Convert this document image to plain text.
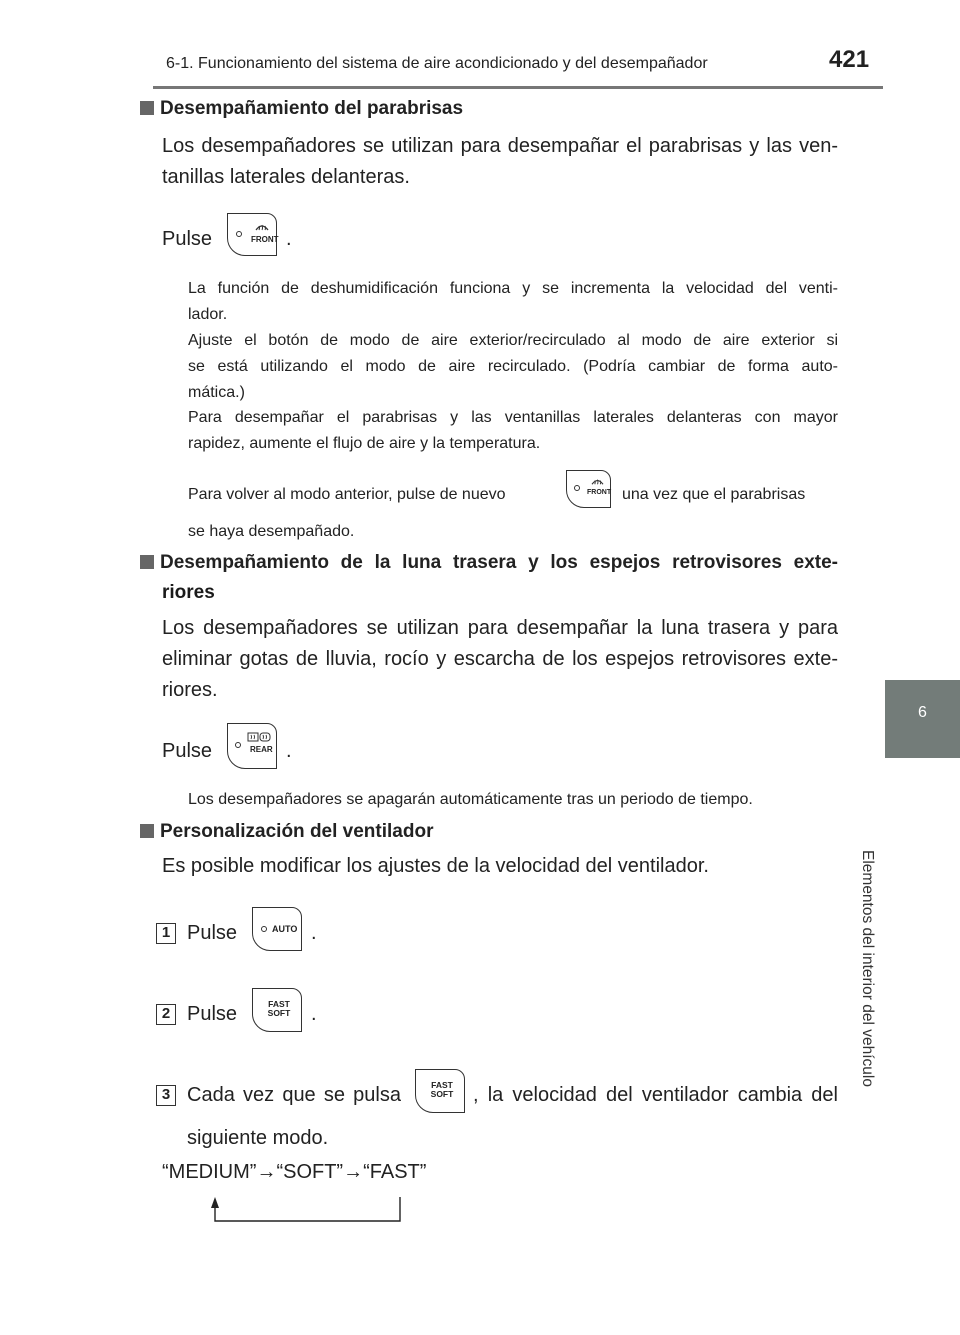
6-1. Funcionamiento del sistema de aire acondicionado y del desempañador	421
6
Elementos del interior del vehículo
Desempañamiento del parabrisas
Los desempañadores se utilizan para desempañar el parabrisas y las ven-
tanillas laterales delanteras.
Pulse	FRONT .
La función de deshumidificación funciona y se incrementa la velocidad del venti-
lador.
Ajuste el botón de modo de aire exterior/recirculado al modo de aire exterior si
se está utilizando el modo de aire recirculado. (Podría cambiar de forma auto-
mática.)
Para desempañar el parabrisas y las ventanillas laterales delanteras con mayor
rapidez, aumente el flujo de aire y la temperatura.
Para volver al modo anterior, pulse de nuevo	FRONT una vez que el parabrisas
se haya desempañado.
Desempañamiento de la luna trasera y los espejos retrovisores exte-
riores
Los desempañadores se utilizan para desempañar la luna trasera y para
eliminar gotas de lluvia, rocío y escarcha de los espejos retrovisores exte-
riores.
Pulse	REAR .
Los desempañadores se apagarán automáticamente tras un periodo de tiempo.
Personalización del ventilador
Es posible modificar los ajustes de la velocidad del ventilador.
1 Pulse	AUTO .
2 Pulse	FAST
SOFT .
3 Cada vez que se pulsa	FAST
SOFT , la velocidad del ventilador cambia del
siguiente modo.
“MEDIUM”→“SOFT”→“FAST”
